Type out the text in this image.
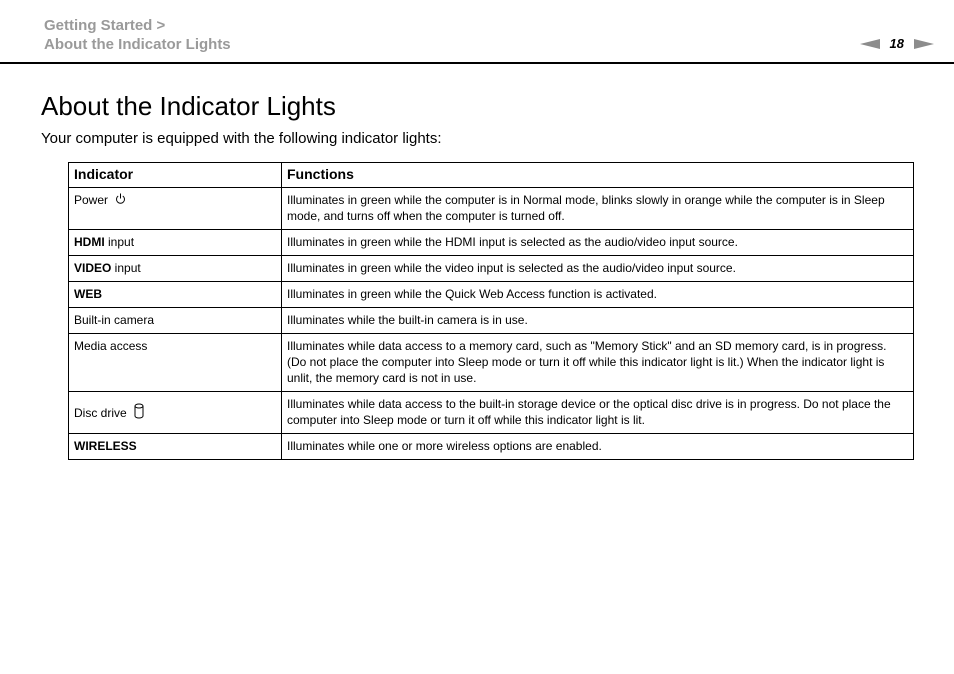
Getting Started >
About the Indicator Lights	18
About the Indicator Lights

Your computer is equipped with the following indicator lights:

Indicator	Functions
Power	Illuminates in green while the computer is in Normal mode, blinks slowly in orange while the computer is in Sleep mode, and turns off when the computer is turned off.
HDMI input	Illuminates in green while the HDMI input is selected as the audio/video input source.
VIDEO input	Illuminates in green while the video input is selected as the audio/video input source.
WEB	Illuminates in green while the Quick Web Access function is activated.
Built-in camera	Illuminates while the built-in camera is in use.
Media access	Illuminates while data access to a memory card, such as "Memory Stick" and an SD memory card, is in progress. (Do not place the computer into Sleep mode or turn it off while this indicator light is lit.) When the indicator light is unlit, the memory card is not in use.
Disc drive	Illuminates while data access to the built-in storage device or the optical disc drive is in progress. Do not place the computer into Sleep mode or turn it off while this indicator light is lit.
WIRELESS	Illuminates while one or more wireless options are enabled.
